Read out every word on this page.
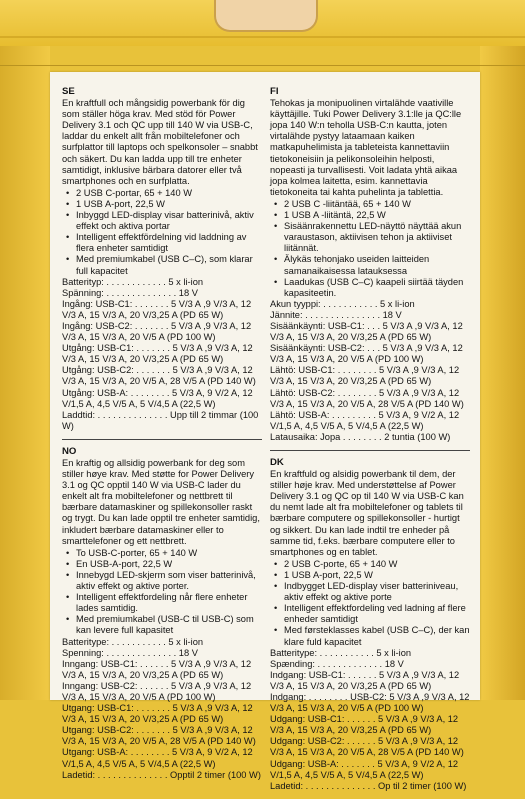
SE

En kraftfull och mångsidig powerbank för dig som ställer höga krav. Med stöd för Power Delivery 3.1 och QC upp till 140 W via USB-C, laddar du enkelt allt från mobiltelefoner och surfplattor till laptops och spelkonsoler – snabbt och säkert. Du kan ladda upp till tre enheter samtidigt, inklusive bärbara datorer eller två smartphones och en surfplatta.

• 2 USB C-portar, 65 + 140 W
• 1 USB A-port, 22,5 W
• Inbyggd LED-display visar batterinivå, aktiv effekt och aktiva portar
• Intelligent effektfördelning vid laddning av flera enheter samtidigt
• Med premiumkabel (USB C–C), som klarar full kapacitet

Batterityp: . . . . . . . . . . . . 5 x li-ion

Spänning: . . . . . . . . . . . . . . 18 V

Ingång: USB-C1: . . . . . . . 5 V/3 A ,9 V/3 A, 12 V/3 A, 15 V/3 A, 20 V/3,25 A (PD 65 W)

Ingång: USB-C2: . . . . . . . 5 V/3 A ,9 V/3 A, 12 V/3 A, 15 V/3 A, 20 V/5 A (PD 100 W)

Utgång: USB-C1: . . . . . . . 5 V/3 A ,9 V/3 A, 12 V/3 A, 15 V/3 A, 20 V/3,25 A (PD 65 W)

Utgång: USB-C2: . . . . . . . 5 V/3 A ,9 V/3 A, 12 V/3 A, 15 V/3 A, 20 V/5 A, 28 V/5 A (PD 140 W)

Utgång: USB-A: . . . . . . . . 5 V/3 A, 9 V/2 A, 12 V/1,5 A, 4,5 V/5 A, 5 V/4,5 A (22,5 W)

Laddtid: . . . . . . . . . . . . . . Upp till 2 timmar (100 W)

NO

En kraftig og allsidig powerbank for deg som stiller høye krav. Med støtte for Power Delivery 3.1 og QC opptil 140 W via USB-C lader du enkelt alt fra mobiltelefoner og nettbrett til bærbare datamaskiner og spillekonsoller raskt og trygt. Du kan lade opptil tre enheter samtidig, inkludert bærbare datamaskiner eller to smarttelefoner og ett nettbrett.

• To USB-C-porter, 65 + 140 W
• En USB-A-port, 22,5 W
• Innebygd LED-skjerm som viser batterinivå, aktiv effekt og aktive porter.
• Intelligent effektfordeling når flere enheter lades samtidig.
• Med premiumkabel (USB-C til USB-C) som kan levere full kapasitet

Batteritype: . . . . . . . . . . . 5 x li-ion

Spenning: . . . . . . . . . . . . . . 18 V

Inngang: USB-C1: . . . . . . 5 V/3 A ,9 V/3 A, 12 V/3 A, 15 V/3 A, 20 V/3,25 A (PD 65 W)

Inngang: USB-C2: . . . . . . 5 V/3 A ,9 V/3 A, 12 V/3 A, 15 V/3 A, 20 V/5 A (PD 100 W)

Utgang: USB-C1: . . . . . . . 5 V/3 A ,9 V/3 A, 12 V/3 A, 15 V/3 A, 20 V/3,25 A (PD 65 W)

Utgang: USB-C2: . . . . . . . 5 V/3 A ,9 V/3 A, 12 V/3 A, 15 V/3 A, 20 V/5 A, 28 V/5 A (PD 140 W)

Utgang: USB-A: . . . . . . . . 5 V/3 A, 9 V/2 A, 12 V/1,5 A, 4,5 V/5 A, 5 V/4,5 A (22,5 W)

Ladetid: . . . . . . . . . . . . . . Opptil 2 timer (100 W)

FI

Tehokas ja monipuolinen virtalähde vaativille käyttäjille. Tuki Power Delivery 3.1:lle ja QC:lle jopa 140 W:n teholla USB-C:n kautta, joten virtalähde pystyy lataamaan kaiken matkapuhelimista ja tableteista kannettaviin tietokoneisiin ja pelikonsoleihin helposti, nopeasti ja turvallisesti. Voit ladata yhtä aikaa jopa kolmea laitetta, esim. kannettavia tietokoneita tai kahta puhelinta ja tablettia.

• 2 USB C -liitäntää, 65 + 140 W
• 1 USB A -liitäntä, 22,5 W
• Sisäänrakennettu LED-näyttö näyttää akun varaustason, aktiivisen tehon ja aktiiviset liitännät.
• Älykäs tehonjako useiden laitteiden samanaikaisessa latauksessa
• Laadukas (USB C–C) kaapeli siirtää täyden kapasiteetin.

Akun tyyppi: . . . . . . . . . . . 5 x li-ion

Jännite: . . . . . . . . . . . . . . . 18 V

Sisäänkäynti: USB-C1: . . . 5 V/3 A ,9 V/3 A, 12 V/3 A, 15 V/3 A, 20 V/3,25 A (PD 65 W)

Sisäänkäynti: USB-C2: . . . 5 V/3 A ,9 V/3 A, 12 V/3 A, 15 V/3 A, 20 V/5 A (PD 100 W)

Lähtö: USB-C1: . . . . . . . . 5 V/3 A ,9 V/3 A, 12 V/3 A, 15 V/3 A, 20 V/3,25 A (PD 65 W)

Lähtö: USB-C2: . . . . . . . . 5 V/3 A ,9 V/3 A, 12 V/3 A, 15 V/3 A, 20 V/5 A, 28 V/5 A (PD 140 W)

Lähtö: USB-A: . . . . . . . . . 5 V/3 A, 9 V/2 A, 12 V/1,5 A, 4,5 V/5 A, 5 V/4,5 A (22,5 W)

Latausaika: Jopa . . . . . . . . 2 tuntia (100 W)

DK

En kraftfuld og alsidig powerbank til dem, der stiller høje krav. Med understøttelse af Power Delivery 3.1 og QC op til 140 W via USB-C kan du nemt lade alt fra mobiltelefoner og tablets til bærbare computere og spillekonsoller - hurtigt og sikkert. Du kan lade indtil tre enheder på samme tid, f.eks. bærbare computere eller to smartphones og en tablet.

• 2 USB C-porte, 65 + 140 W
• 1 USB A-port, 22,5 W
• Indbygget LED-display viser batteriniveau, aktiv effekt og aktive porte
• Intelligent effektfordeling ved ladning af flere enheder samtidigt
• Med førsteklasses kabel (USB C–C), der kan klare fuld kapacitet

Batteritype: . . . . . . . . . . . 5 x li-ion

Spænding: . . . . . . . . . . . . . 18 V

Indgang: USB-C1: . . . . . . 5 V/3 A ,9 V/3 A, 12 V/3 A, 15 V/3 A, 20 V/3,25 A (PD 65 W)

Indgang: . . . . . . . . USB-C2: 5 V/3 A ,9 V/3 A, 12 V/3 A, 15 V/3 A, 20 V/5 A (PD 100 W)

Udgang: USB-C1: . . . . . . 5 V/3 A ,9 V/3 A, 12 V/3 A, 15 V/3 A, 20 V/3,25 A (PD 65 W)

Udgang: USB-C2: . . . . . . 5 V/3 A ,9 V/3 A, 12 V/3 A, 15 V/3 A, 20 V/5 A, 28 V/5 A (PD 140 W)

Udgang: USB-A: . . . . . . . 5 V/3 A, 9 V/2 A, 12 V/1,5 A, 4,5 V/5 A, 5 V/4,5 A (22,5 W)

Ladetid: . . . . . . . . . . . . . . Op til 2 timer (100 W)
